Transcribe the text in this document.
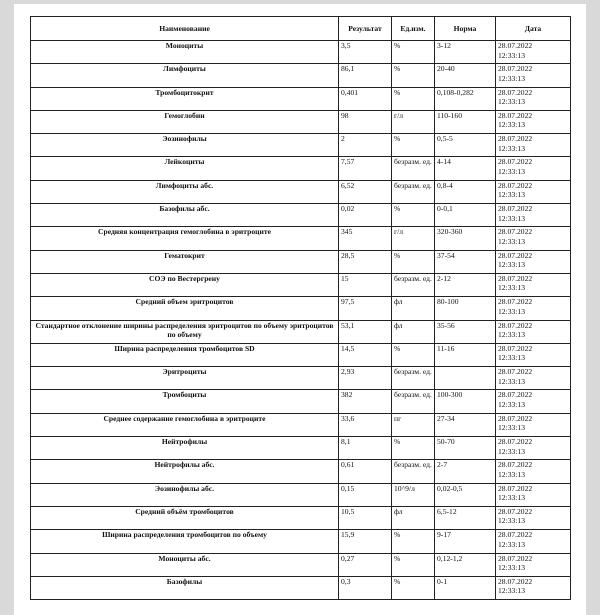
Наименование	Результат	Ед.изм.	Норма	Дата
Моноциты	3,5	%	3-12	28.07.2022
12:33:13

Лимфоциты	86,1	%	20-40	28.07.2022
12:33:13

Тромбоцитокрит	0,401	%	0,108-0,282	28.07.2022
12:33:13

Гемоглобин	98	г/л	110-160	28.07.2022
12:33:13

Эозинофилы	2	%	0,5-5	28.07.2022
12:33:13

Лейкоциты	7,57	безразм. ед.	4-14	28.07.2022
12:33:13

Лимфоциты абс.	6,52	безразм. ед.	0,8-4	28.07.2022
12:33:13

Базофилы абс.	0,02	%	0-0,1	28.07.2022
12:33:13

Средняя концентрация гемоглобина в эритроците	345	г/л	320-360	28.07.2022
12:33:13

Гематокрит	28,5	%	37-54	28.07.2022
12:33:13

СОЭ по Вестергрену	15	безразм. ед.	2-12	28.07.2022
12:33:13

Средний объем эритроцитов	97,5	фл	80-100	28.07.2022
12:33:13

Стандартное отклонение ширины распределения эритроцитов по объему эритроцитов по объему	53,1	фл	35-56	28.07.2022
12:33:13

Ширина распределения тромбоцитов SD	14,5	%	11-16	28.07.2022
12:33:13

Эритроциты	2,93	безразм. ед.		28.07.2022
12:33:13

Тромбоциты	382	безразм. ед.	100-300	28.07.2022
12:33:13

Среднее содержание гемоглобина в эритроците	33,6	пг	27-34	28.07.2022
12:33:13

Нейтрофилы	8,1	%	50-70	28.07.2022
12:33:13

Нейтрофилы абс.	0,61	безразм. ед.	2-7	28.07.2022
12:33:13

Эозинофилы абс.	0,15	10^9/л	0,02-0,5	28.07.2022
12:33:13

Средний объём тромбоцитов	10,5	фл	6,5-12	28.07.2022
12:33:13

Ширина распределения тромбоцитов по объему	15,9	%	9-17	28.07.2022
12:33:13

Моноциты абс.	0,27	%	0,12-1,2	28.07.2022
12:33:13

Базофилы	0,3	%	0-1	28.07.2022
12:33:13
